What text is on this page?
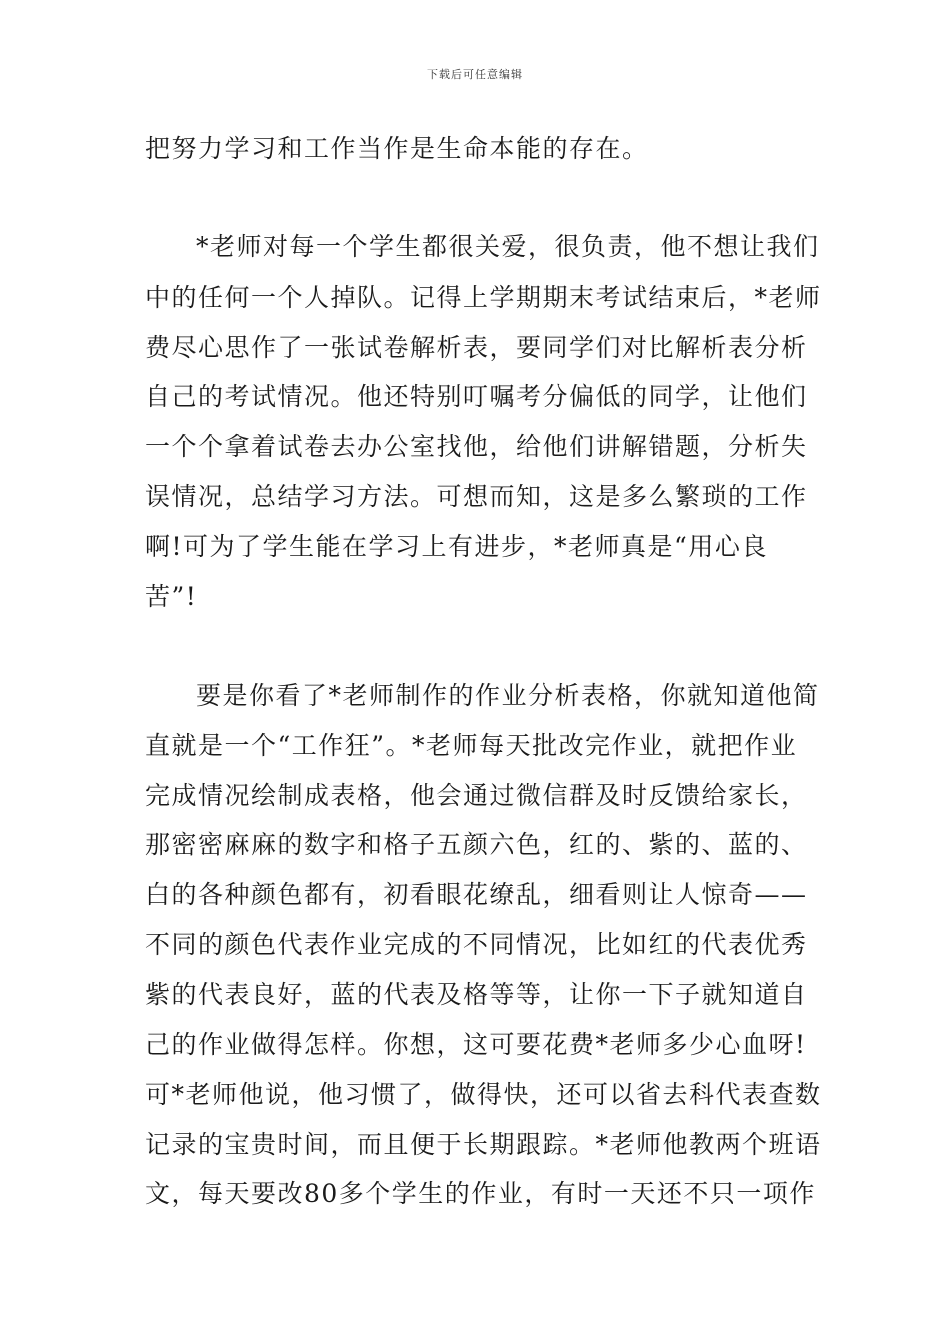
下载后可任意编辑
把努力学习和工作当作是生命本能的存在。
*老师对每一个学生都很关爱，很负责，他不想让我们
中的任何一个人掉队。记得上学期期末考试结束后，*老师
费尽心思作了一张试卷解析表，要同学们对比解析表分析
自己的考试情况。他还特别叮嘱考分偏低的同学，让他们
一个个拿着试卷去办公室找他，给他们讲解错题，分析失
误情况，总结学习方法。可想而知，这是多么繁琐的工作
啊!可为了学生能在学习上有进步，*老师真是“用心良
苦”!
要是你看了*老师制作的作业分析表格，你就知道他简
直就是一个“工作狂”。*老师每天批改完作业，就把作业
完成情况绘制成表格，他会通过微信群及时反馈给家长，
那密密麻麻的数字和格子五颜六色，红的、紫的、蓝的、
白的各种颜色都有，初看眼花缭乱，细看则让人惊奇——
不同的颜色代表作业完成的不同情况，比如红的代表优秀
紫的代表良好，蓝的代表及格等等，让你一下子就知道自
己的作业做得怎样。你想，这可要花费*老师多少心血呀!
可*老师他说，他习惯了，做得快，还可以省去科代表查数
记录的宝贵时间，而且便于长期跟踪。*老师他教两个班语
文，每天要改80多个学生的作业，有时一天还不只一项作
